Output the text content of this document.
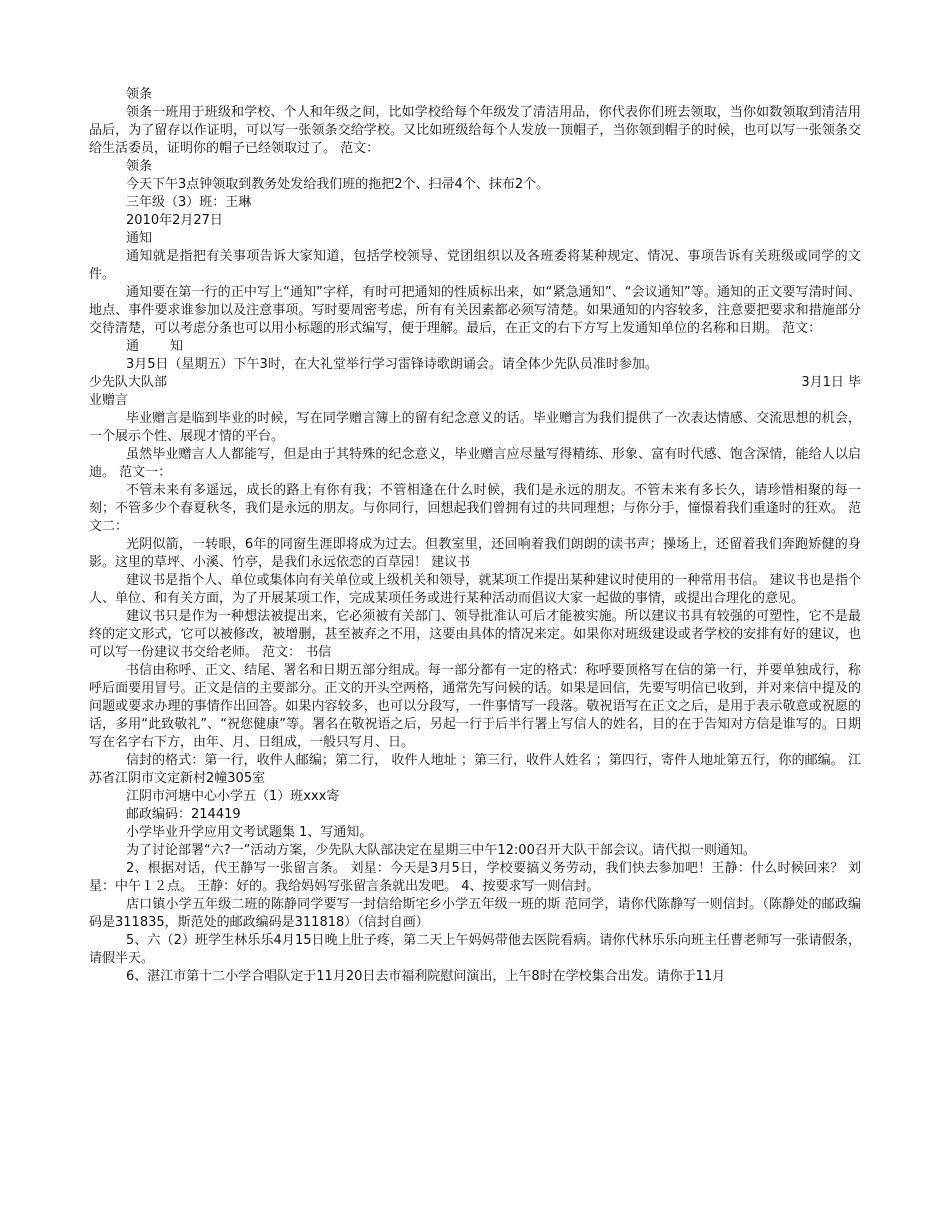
领条

领条一班用于班级和学校、个人和年级之间，比如学校给每个年级发了清洁用品，你代表你们班去领取，当你如数领取到清洁用品后，为了留存以作证明，可以写一张领条交给学校。又比如班级给每个人发放一顶帽子，当你领到帽子的时候，也可以写一张领条交给生活委员，证明你的帽子已经领取过了。 范文：

领条

今天下午3点钟领取到教务处发给我们班的拖把2个、扫帚4个、抹布2个。

三年级（3）班：王琳

2010年2月27日

通知

通知就是指把有关事项告诉大家知道，包括学校领导、党团组织以及各班委将某种规定、情况、事项告诉有关班级或同学的文件。

通知要在第一行的正中写上“通知”字样，有时可把通知的性质标出来，如“紧急通知”、“会议通知”等。通知的正文要写清时间、地点、事件要求谁参加以及注意事项。写时要周密考虑，所有有关因素都必须写清楚。如果通知的内容较多，注意要把要求和措施部分交待清楚，可以考虑分条也可以用小标题的形式编写，便于理解。最后，在正文的右下方写上发通知单位的名称和日期。 范文：

通 知

3月5日（星期五）下午3时，在大礼堂举行学习雷锋诗歌朗诵会。请全体少先队员准时参加。

少先队大队部	3月1日 毕

业赠言

毕业赠言是临到毕业的时候，写在同学赠言簿上的留有纪念意义的话。毕业赠言为我们提供了一次表达情感、交流思想的机会，一个展示个性、展现才情的平台。

虽然毕业赠言人人都能写，但是由于其特殊的纪念意义，毕业赠言应尽量写得精练、形象、富有时代感、饱含深情，能给人以启迪。 范文一：

不管未来有多遥远，成长的路上有你有我；不管相逢在什么时候，我们是永远的朋友。不管未来有多长久，请珍惜相聚的每一刻；不管多少个春夏秋冬，我们是永远的朋友。与你同行，回想起我们曾拥有过的共同理想；与你分手，憧憬着我们重逢时的狂欢。 范文二：

光阴似箭，一转眼，6年的同窗生涯即将成为过去。但教室里，还回响着我们朗朗的读书声；操场上，还留着我们奔跑矫健的身影。这里的草坪、小溪、竹亭，是我们永远依恋的百草园！ 建议书

建议书是指个人、单位或集体向有关单位或上级机关和领导，就某项工作提出某种建议时使用的一种常用书信。 建议书也是指个人、单位、和有关方面，为了开展某项工作，完成某项任务或进行某种活动而倡议大家一起做的事情，或提出合理化的意见。

建议书只是作为一种想法被提出来，它必须被有关部门、领导批准认可后才能被实施。所以建议书具有较强的可塑性，它不是最终的定文形式，它可以被修改，被增删，甚至被弃之不用，这要由具体的情况来定。如果你对班级建设或者学校的安排有好的建议，也可以写一份建议书交给老师。 范文： 书信

书信由称呼、正文、结尾、署名和日期五部分组成。每一部分都有一定的格式：称呼要顶格写在信的第一行，并要单独成行，称呼后面要用冒号。正文是信的主要部分。正文的开头空两格，通常先写问候的话。如果是回信，先要写明信已收到，并对来信中提及的问题或要求办理的事情作出回答。如果内容较多，也可以分段写，一件事情写一段落。敬祝语写在正文之后，是用于表示敬意或祝愿的话，多用“此致敬礼”、“祝您健康”等。署名在敬祝语之后，另起一行于后半行署上写信人的姓名，目的在于告知对方信是谁写的。日期写在名字右下方，由年、月、日组成，一般只写月、日。

信封的格式：第一行，收件人邮编；第二行， 收件人地址 ；第三行，收件人姓名 ；第四行，寄件人地址第五行，你的邮编。 江苏省江阴市文定新村2幢305室

江阴市河塘中心小学五（1）班xxx寄

邮政编码：214419

小学毕业升学应用文考试题集 1、写通知。

为了讨论部署“六?一”活动方案，少先队大队部决定在星期三中午12:00召开大队干部会议。请代拟一则通知。

2、根据对话，代王静写一张留言条。 刘星：今天是3月5日，学校要搞义务劳动，我们快去参加吧！王静：什么时候回来？ 刘星：中午１２点。 王静：好的。我给妈妈写张留言条就出发吧。 4、按要求写一则信封。

店口镇小学五年级二班的陈静同学要写一封信给斯宅乡小学五年级一班的斯 范同学，请你代陈静写一则信封。（陈静处的邮政编码是311835，斯范处的邮政编码是311818）（信封自画）

5、六（2）班学生林乐乐4月15日晚上肚子疼，第二天上午妈妈带他去医院看病。请你代林乐乐向班主任曹老师写一张请假条，请假半天。

6、湛江市第十二小学合唱队定于11月20日去市福利院慰问演出，上午8时在学校集合出发。请你于11月
